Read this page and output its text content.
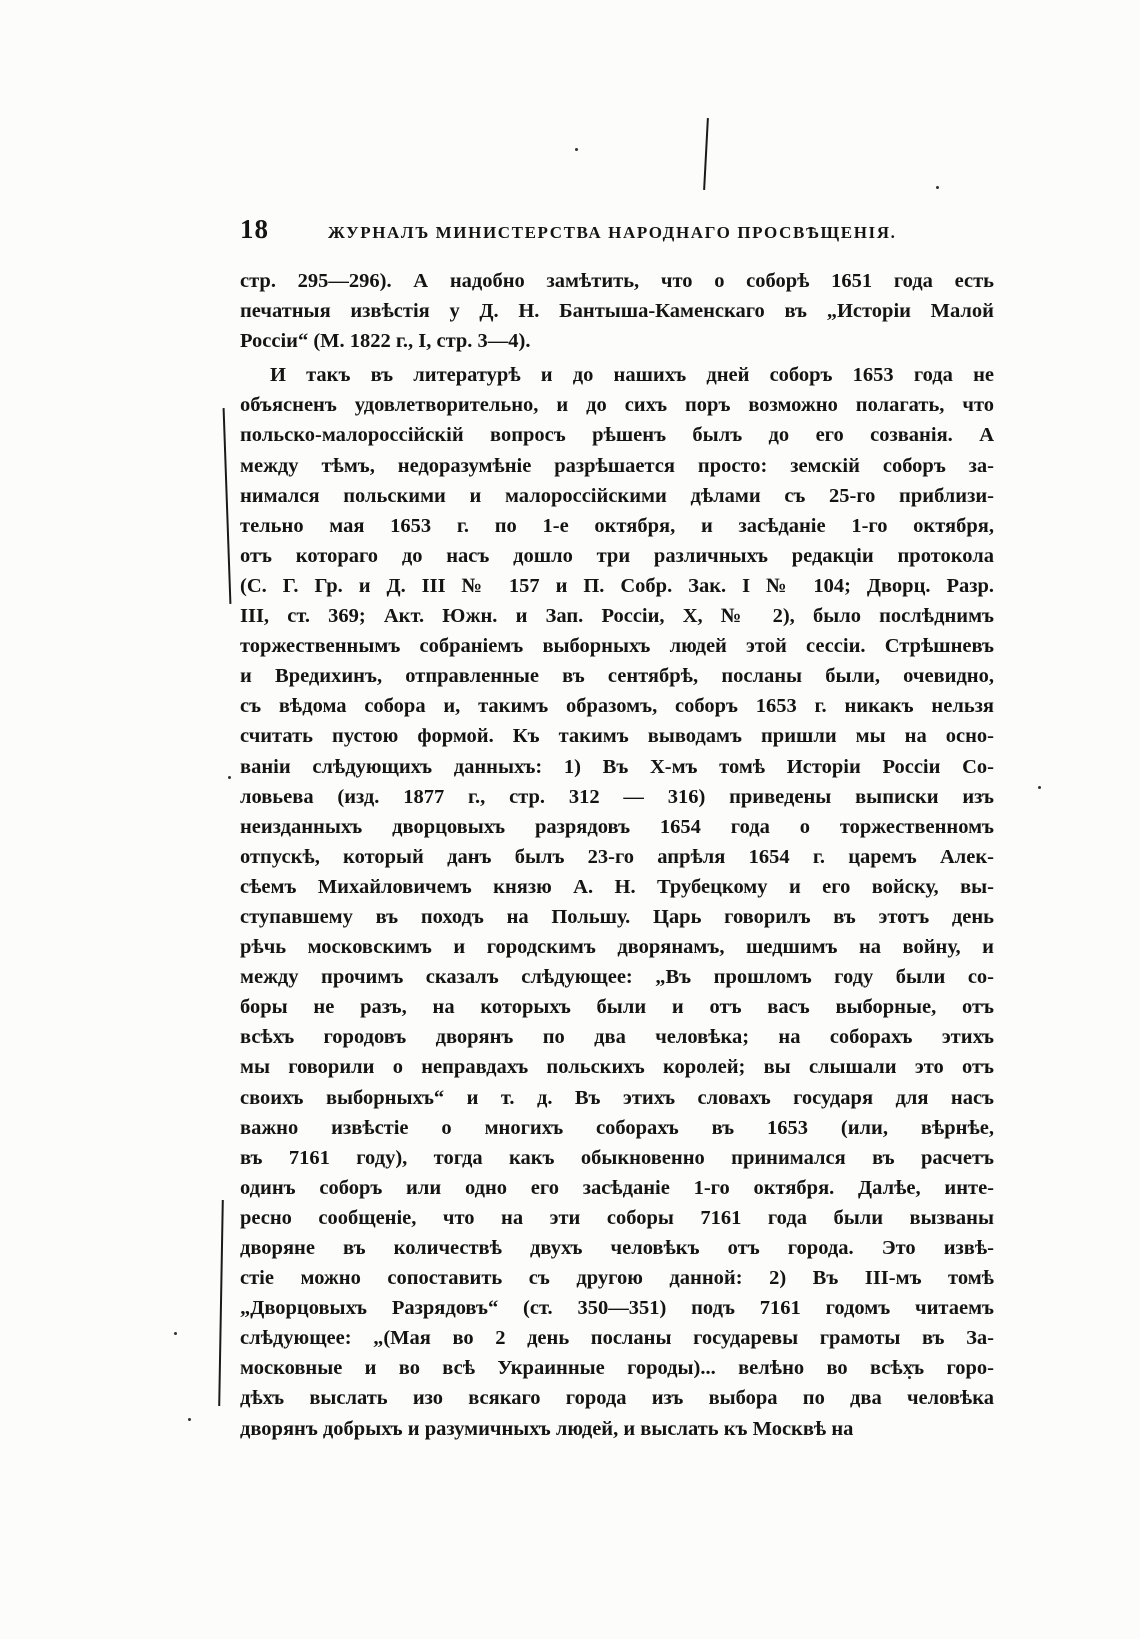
18	ЖУРНАЛЪ МИНИСТЕРСТВА НАРОДНАГО ПРОСВѢЩЕНІЯ.
стр. 295—296). А надобно замѣтить, что о соборѣ 1651 года есть
печатныя извѣстія у Д. Н. Бантыша-Каменскаго въ „Исторіи Малой
Россіи“ (М. 1822 г., I, стр. 3—4).
И такъ въ литературѣ и до нашихъ дней соборъ 1653 года не
объясненъ удовлетворительно, и до сихъ поръ возможно полагать, что
польско-малороссійскій вопросъ рѣшенъ былъ до его созванія. А
между тѣмъ, недоразумѣніе разрѣшается просто: земскій соборъ за-
нимался польскими и малороссійскими дѣлами съ 25-го приблизи-
тельно мая 1653 г. по 1-е октября, и засѣданіе 1-го октября,
отъ котораго до насъ дошло три различныхъ редакціи протокола
(С. Г. Гр. и Д. III № 157 и П. Собр. Зак. I № 104; Дворц. Разр.
III, ст. 369; Акт. Южн. и Зап. Россіи, X, № 2), было послѣднимъ
торжественнымъ собраніемъ выборныхъ людей этой сессіи. Стрѣшневъ
и Вредихинъ, отправленные въ сентябрѣ, посланы были, очевидно,
съ вѣдома собора и, такимъ образомъ, соборъ 1653 г. никакъ нельзя
считать пустою формой. Къ такимъ выводамъ пришли мы на осно-
ваніи слѣдующихъ данныхъ: 1) Въ X-мъ томѣ Исторіи Россіи Со-
ловьева (изд. 1877 г., стр. 312 — 316) приведены выписки изъ
неизданныхъ дворцовыхъ разрядовъ 1654 года о торжественномъ
отпускѣ, который данъ былъ 23-го апрѣля 1654 г. царемъ Алек-
сѣемъ Михайловичемъ князю А. Н. Трубецкому и его войску, вы-
ступавшему въ походъ на Польшу. Царь говорилъ въ этотъ день
рѣчь московскимъ и городскимъ дворянамъ, шедшимъ на войну, и
между прочимъ сказалъ слѣдующее: „Въ прошломъ году были со-
боры не разъ, на которыхъ были и отъ васъ выборные, отъ
всѣхъ городовъ дворянъ по два человѣка; на соборахъ этихъ
мы говорили о неправдахъ польскихъ королей; вы слышали это отъ
своихъ выборныхъ“ и т. д. Въ этихъ словахъ государя для насъ
важно извѣстіе о многихъ соборахъ въ 1653 (или, вѣрнѣе,
въ 7161 году), тогда какъ обыкновенно принимался въ расчетъ
одинъ соборъ или одно его засѣданіе 1-го октября. Далѣе, инте-
ресно сообщеніе, что на эти соборы 7161 года были вызваны
дворяне въ количествѣ двухъ человѣкъ отъ города. Это извѣ-
стіе можно сопоставить съ другою данной: 2) Въ III-мъ томѣ
„Дворцовыхъ Разрядовъ“ (ст. 350—351) подъ 7161 годомъ читаемъ
слѣдующее: „(Мая во 2 день посланы государевы грамоты въ За-
московные и во всѣ Украинные городы)... велѣно во всѣхъ горо-
дѣхъ выслать изо всякаго города изъ выбора по два человѣка
дворянъ добрыхъ и разумичныхъ людей, и выслать къ Москвѣ на
